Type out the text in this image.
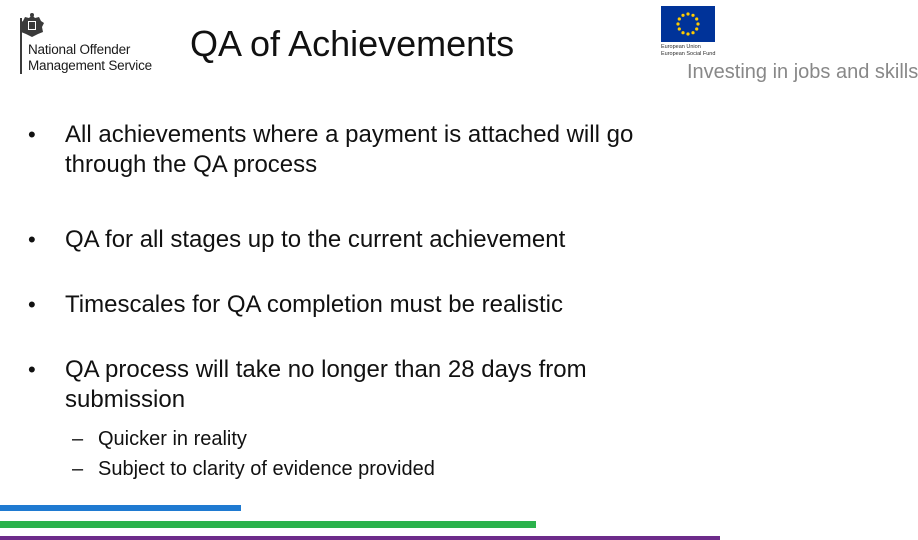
National Offender
Management Service
QA of Achievements	European Union
European Social Fund
Investing in jobs and skills
•	All achievements where a payment is attached will go through the QA process
•	QA for all stages up to the current achievement
•	Timescales for QA completion must be realistic
•	QA process will take no longer than 28 days from submission
– Quicker in reality
– Subject to clarity of evidence provided
